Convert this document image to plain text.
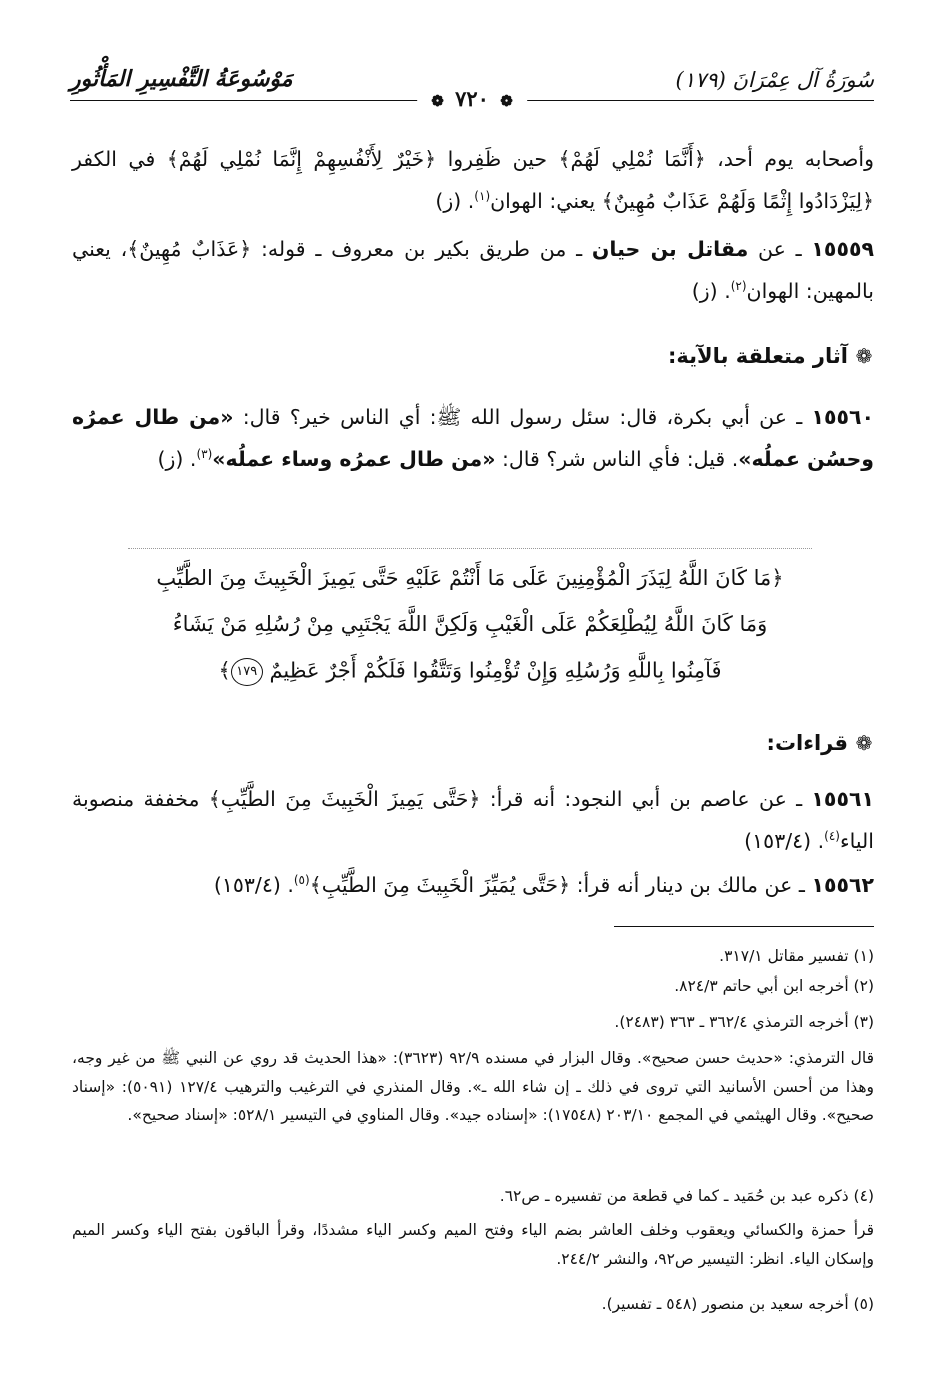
سُورَةُ آل عِمْرَانَ (١٧٩)
مَوْسُوعَةُ التَّفْسِيرِ المَأْثُورِ
❁ ٧٢٠ ❁
وأصحابه يوم أحد، ﴿أَنَّمَا نُمْلِي لَهُمْ﴾ حين ظَفِروا ﴿خَيْرٌ لِأَنْفُسِهِمْ إِنَّمَا نُمْلِي لَهُمْ﴾ في الكفر ﴿لِيَزْدَادُوا إِثْمًا وَلَهُمْ عَذَابٌ مُهِينٌ﴾ يعني: الهوان$^{(١)}$. (ز)
١٥٥٥٩ ـ عن مقاتل بن حيان ـ من طريق بكير بن معروف ـ قوله: ﴿عَذَابٌ مُهِينٌ﴾، يعني بالمهين: الهوان$^{(٢)}$. (ز)
❁
آثار متعلقة بالآية:
١٥٥٦٠ ـ عن أبي بكرة، قال: سئل رسول الله ﷺ: أي الناس خير؟ قال: «من طال عمرُه وحسُن عملُه». قيل: فأي الناس شر؟ قال: «من طال عمرُه وساء عملُه»$^{(٣)}$. (ز)
﴿مَا كَانَ اللَّهُ لِيَذَرَ الْمُؤْمِنِينَ عَلَى مَا أَنْتُمْ عَلَيْهِ حَتَّى يَمِيزَ الْخَبِيثَ مِنَ الطَّيِّبِ
وَمَا كَانَ اللَّهُ لِيُطْلِعَكُمْ عَلَى الْغَيْبِ وَلَكِنَّ اللَّهَ يَجْتَبِي مِنْ رُسُلِهِ مَنْ يَشَاءُ
فَآمِنُوا بِاللَّهِ وَرُسُلِهِ وَإِنْ تُؤْمِنُوا وَتَتَّقُوا فَلَكُمْ أَجْرٌ عَظِيمٌ ١٧٩﴾
❁
قراءات:
١٥٥٦١ ـ عن عاصم بن أبي النجود: أنه قرأ: ﴿حَتَّى يَمِيزَ الْخَبِيثَ مِنَ الطَّيِّبِ﴾ مخففة منصوبة الياء$^{(٤)}$. (١٥٣/٤)
١٥٥٦٢ ـ عن مالك بن دينار أنه قرأ: ﴿حَتَّى يُمَيِّزَ الْخَبِيثَ مِنَ الطَّيِّبِ﴾$^{(٥)}$. (١٥٣/٤)
(١) تفسير مقاتل ٣١٧/١.
(٢) أخرجه ابن أبي حاتم ٨٢٤/٣.
(٣) أخرجه الترمذي ٣٦٢/٤ ـ ٣٦٣ (٢٤٨٣).
قال الترمذي: «حديث حسن صحيح». وقال البزار في مسنده ٩٢/٩ (٣٦٢٣): «هذا الحديث قد روي عن النبي ﷺ من غير وجه، وهذا من أحسن الأسانيد التي تروى في ذلك ـ إن شاء الله ـ». وقال المنذري في الترغيب والترهيب ١٢٧/٤ (٥٠٩١): «إسناد صحيح». وقال الهيثمي في المجمع ٢٠٣/١٠ (١٧٥٤٨): «إسناده جيد». وقال المناوي في التيسير ٥٢٨/١: «إسناد صحيح».
(٤) ذكره عبد بن حُمَيد ـ كما في قطعة من تفسيره ـ ص٦٢.
قرأ حمزة والكسائي ويعقوب وخلف العاشر بضم الياء وفتح الميم وكسر الياء مشددًا، وقرأ الباقون بفتح الياء وكسر الميم وإسكان الياء. انظر: التيسير ص٩٢، والنشر ٢٤٤/٢.
(٥) أخرجه سعيد بن منصور (٥٤٨ ـ تفسير).
